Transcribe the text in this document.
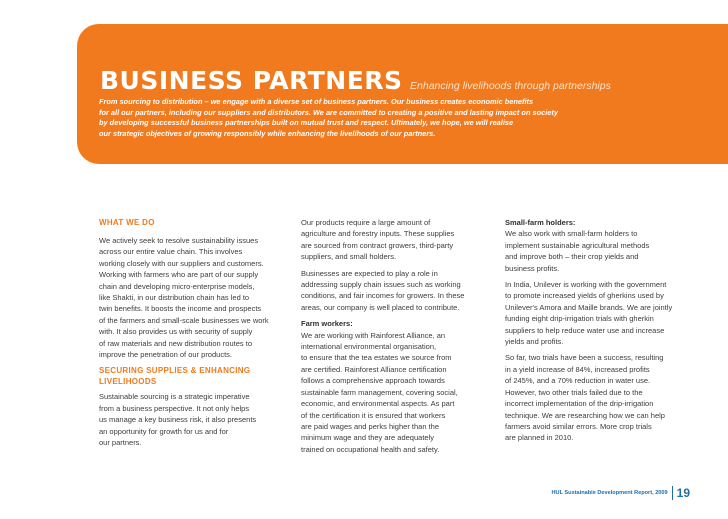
BUSINESS PARTNERS Enhancing livelihoods through partnerships
From sourcing to distribution – we engage with a diverse set of business partners. Our business creates economic benefits
for all our partners, including our suppliers and distributors. We are committed to creating a positive and lasting impact on society
by developing successful business partnerships built on mutual trust and respect. Ultimately, we hope, we will realise
our strategic objectives of growing responsibly while enhancing the livelihoods of our partners.
WHAT WE DO

We actively seek to resolve sustainability issues
across our entire value chain. This involves
working closely with our suppliers and customers.
Working with farmers who are part of our supply
chain and developing micro-enterprise models,
like Shakti, in our distribution chain has led to
twin benefits. It boosts the income and prospects
of the farmers and small-scale businesses we work
with. It also provides us with security of supply
of raw materials and new distribution routes to
improve the penetration of our products.

SECURING SUPPLIES & ENHANCING
LIVELIHOODS

Sustainable sourcing is a strategic imperative
from a business perspective. It not only helps
us manage a key business risk, it also presents
an opportunity for growth for us and for
our partners.

Our products require a large amount of
agriculture and forestry inputs. These supplies
are sourced from contract growers, third-party
suppliers, and small holders.

Businesses are expected to play a role in
addressing supply chain issues such as working
conditions, and fair incomes for growers. In these
areas, our company is well placed to contribute.

Farm workers:

We are working with Rainforest Alliance, an
international environmental organisation,
to ensure that the tea estates we source from
are certified. Rainforest Alliance certification
follows a comprehensive approach towards
sustainable farm management, covering social,
economic, and environmental aspects. As part
of the certification it is ensured that workers
are paid wages and perks higher than the
minimum wage and they are adequately
trained on occupational health and safety.

Small-farm holders:

We also work with small-farm holders to
implement sustainable agricultural methods
and improve both – their crop yields and
business profits.

In India, Unilever is working with the government
to promote increased yields of gherkins used by
Unilever's Amora and Maille brands. We are jointly
funding eight drip-irrigation trials with gherkin
suppliers to help reduce water use and increase
yields and profits.

So far, two trials have been a success, resulting
in a yield increase of 84%, increased profits
of 245%, and a 70% reduction in water use.
However, two other trials failed due to the
incorrect implementation of the drip-irrigation
technique. We are researching how we can help
farmers avoid similar errors. More crop trials
are planned in 2010.

HUL Sustainable Development Report, 2009 19
